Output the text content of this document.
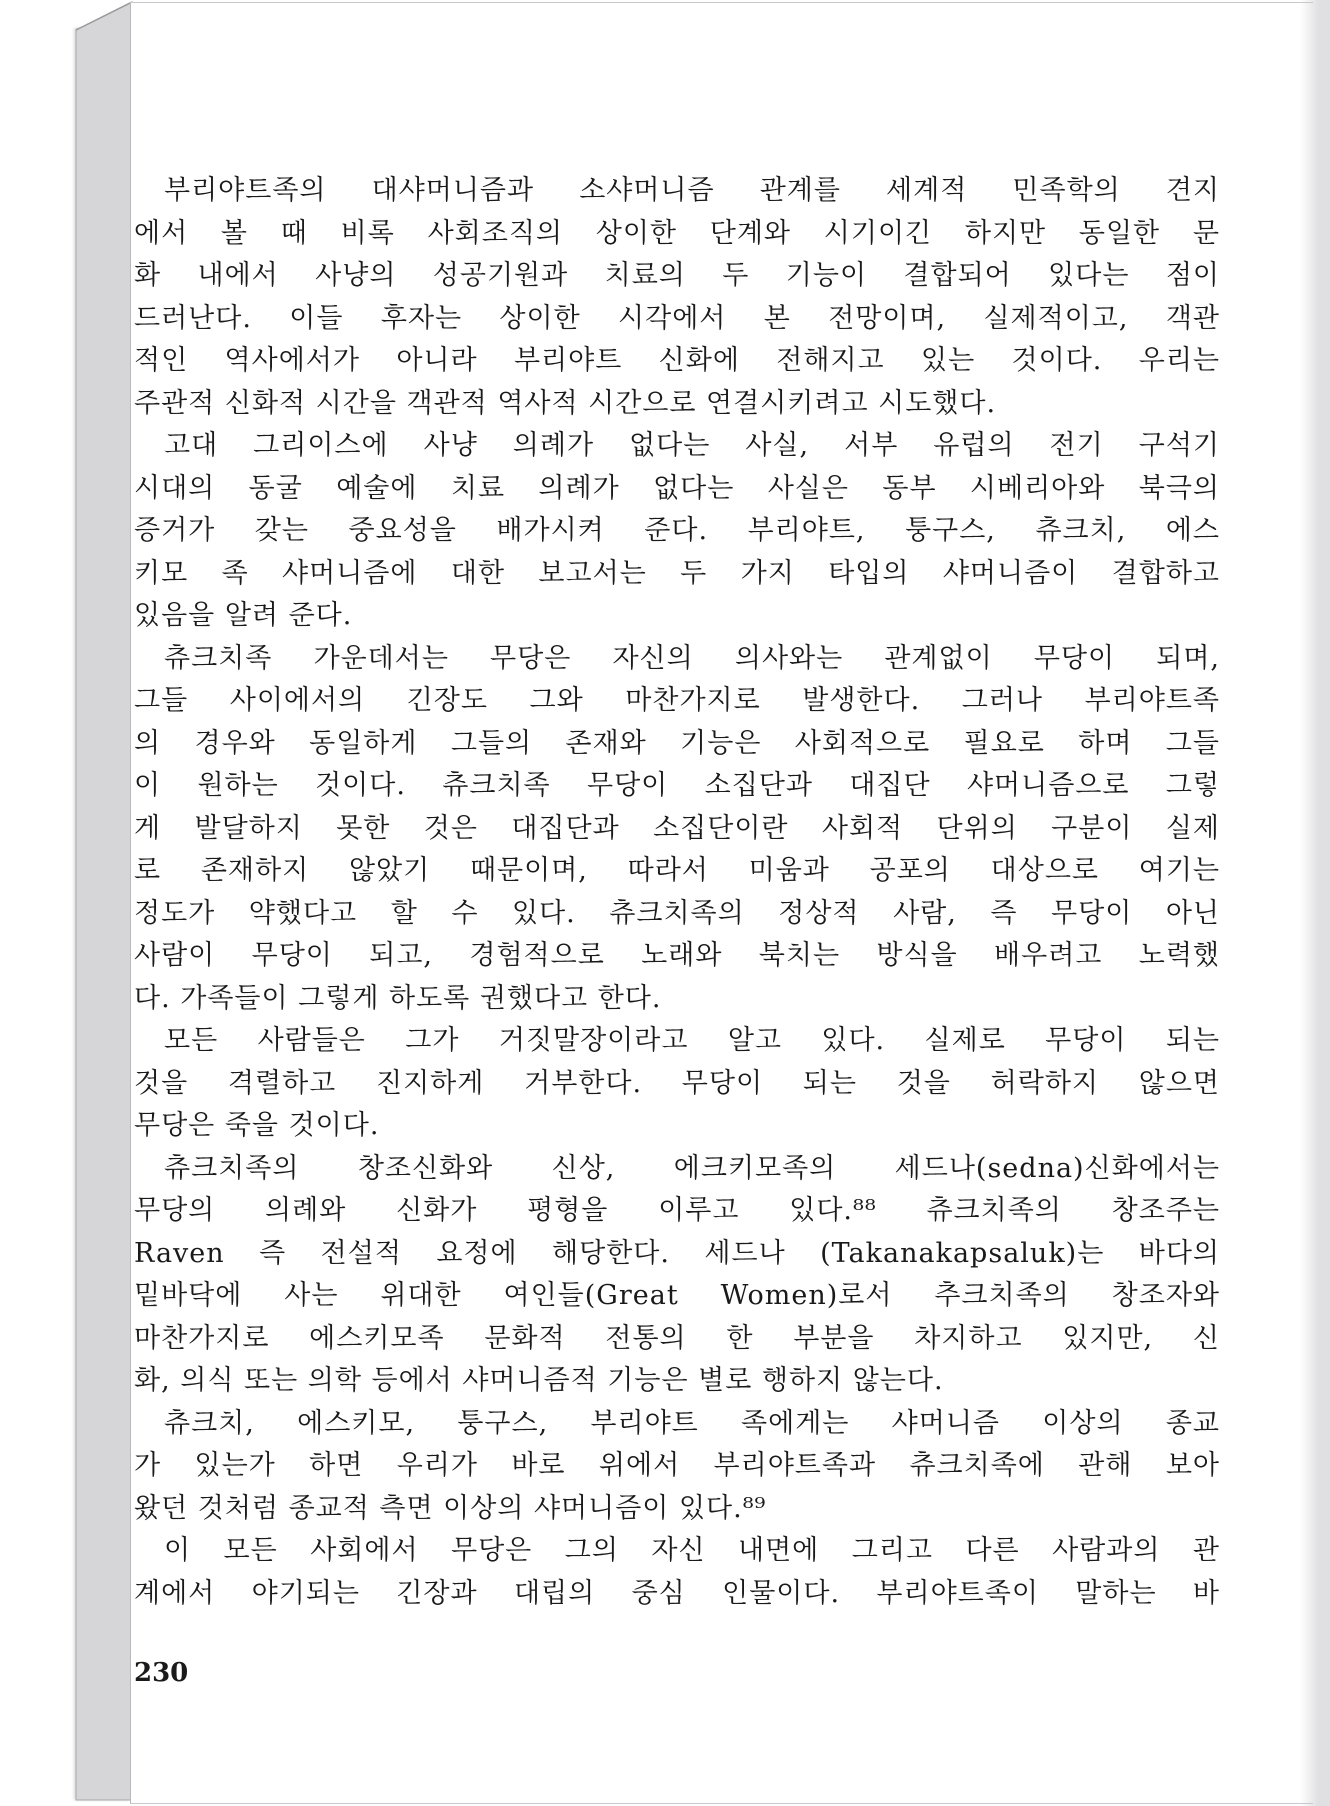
부리야트족의 대샤머니즘과 소샤머니즘 관계를 세계적 민족학의 견지
에서 볼 때 비록 사회조직의 상이한 단계와 시기이긴 하지만 동일한 문
화 내에서 사냥의 성공기원과 치료의 두 기능이 결합되어 있다는 점이
드러난다. 이들 후자는 상이한 시각에서 본 전망이며, 실제적이고, 객관
적인 역사에서가 아니라 부리야트 신화에 전해지고 있는 것이다. 우리는
주관적 신화적 시간을 객관적 역사적 시간으로 연결시키려고 시도했다.
고대 그리이스에 사냥 의례가 없다는 사실, 서부 유럽의 전기 구석기
시대의 동굴 예술에 치료 의례가 없다는 사실은 동부 시베리아와 북극의
증거가 갖는 중요성을 배가시켜 준다. 부리야트, 퉁구스, 츄크치, 에스
키모 족 샤머니즘에 대한 보고서는 두 가지 타입의 샤머니즘이 결합하고
있음을 알려 준다.
츄크치족 가운데서는 무당은 자신의 의사와는 관계없이 무당이 되며,
그들 사이에서의 긴장도 그와 마찬가지로 발생한다. 그러나 부리야트족
의 경우와 동일하게 그들의 존재와 기능은 사회적으로 필요로 하며 그들
이 원하는 것이다. 츄크치족 무당이 소집단과 대집단 샤머니즘으로 그렇
게 발달하지 못한 것은 대집단과 소집단이란 사회적 단위의 구분이 실제
로 존재하지 않았기 때문이며, 따라서 미움과 공포의 대상으로 여기는
정도가 약했다고 할 수 있다. 츄크치족의 정상적 사람, 즉 무당이 아닌
사람이 무당이 되고, 경험적으로 노래와 북치는 방식을 배우려고 노력했
다. 가족들이 그렇게 하도록 권했다고 한다.
모든 사람들은 그가 거짓말장이라고 알고 있다. 실제로 무당이 되는
것을 격렬하고 진지하게 거부한다. 무당이 되는 것을 허락하지 않으면
무당은 죽을 것이다.
츄크치족의 창조신화와 신상, 에크키모족의 세드나(sedna)신화에서는
무당의 의례와 신화가 평형을 이루고 있다.⁸⁸ 츄크치족의 창조주는
Raven 즉 전설적 요정에 해당한다. 세드나 (Takanakapsaluk)는 바다의
밑바닥에 사는 위대한 여인들(Great Women)로서 추크치족의 창조자와
마찬가지로 에스키모족 문화적 전통의 한 부분을 차지하고 있지만, 신
화, 의식 또는 의학 등에서 샤머니즘적 기능은 별로 행하지 않는다.
츄크치, 에스키모, 퉁구스, 부리야트 족에게는 샤머니즘 이상의 종교
가 있는가 하면 우리가 바로 위에서 부리야트족과 츄크치족에 관해 보아
왔던 것처럼 종교적 측면 이상의 샤머니즘이 있다.⁸⁹
이 모든 사회에서 무당은 그의 자신 내면에 그리고 다른 사람과의 관
계에서 야기되는 긴장과 대립의 중심 인물이다. 부리야트족이 말하는 바
230
